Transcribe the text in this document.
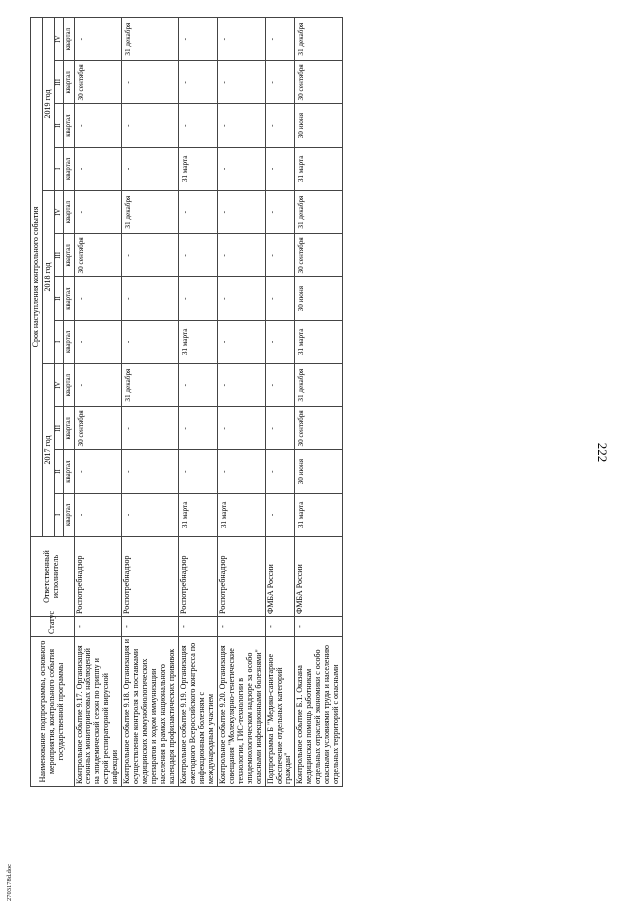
222
2703178d.doc
Наименование подпрограммы, основного мероприятия, контрольного события государственной программы	Статус	Ответственный исполнитель	Срок наступления контрольного события											
			2017 год				2018 год				2019 год			
			I	II	III	IV	I	II	III	IV	I	II	III	IV
			квартал	квартал	квартал	квартал	квартал	квартал	квартал	квартал	квартал	квартал	квартал	квартал
Контрольное событие 9.17. Организация сезонных мониторинговых наблюдений на эпидемический сезон по гриппу и острой респираторной вирусной инфекции	-	Роспотребнадзор	-	-	30 сентября	-	-	-	30 сентября	-	-	-	30 сентября	-
Контрольное событие 9.18. Организация и осуществление контроля за поставками медицинских иммунобиологических препаратов и ходом иммунизации населения в рамках национального календаря профилактических прививок	-	Роспотребнадзор	-	-	-	31 декабря	-	-	-	31 декабря	-	-	-	31 декабря
Контрольное событие 9.19. Организация ежегодного Всероссийского конгресса по инфекционным болезням с международным участием	-	Роспотребнадзор	31 марта	-	-	-	31 марта	-	-	-	31 марта	-	-	-
Контрольное событие 9.20. Организация совещания "Молекулярно-генетические технологии, ГИС-технологии в эпидемиологическом надзоре за особо опасными инфекционными болезнями"	-	Роспотребнадзор	31 марта	-	-	-	-	-	-	-	-	-	-	-
Подпрограмма Б "Медико-санитарное обеспечение отдельных категорий граждан"	-	ФМБА России	-	-	-	-	-	-	-	-	-	-	-	-
Контрольное событие Б.1. Оказана медицинская помощь работникам отдельных отраслей экономики с особо опасными условиями труда и населению отдельных территорий с опасными	-	ФМБА России	31 марта	30 июня	30 сентября	31 декабря	31 марта	30 июня	30 сентября	31 декабря	31 марта	30 июня	30 сентября	31 декабря
